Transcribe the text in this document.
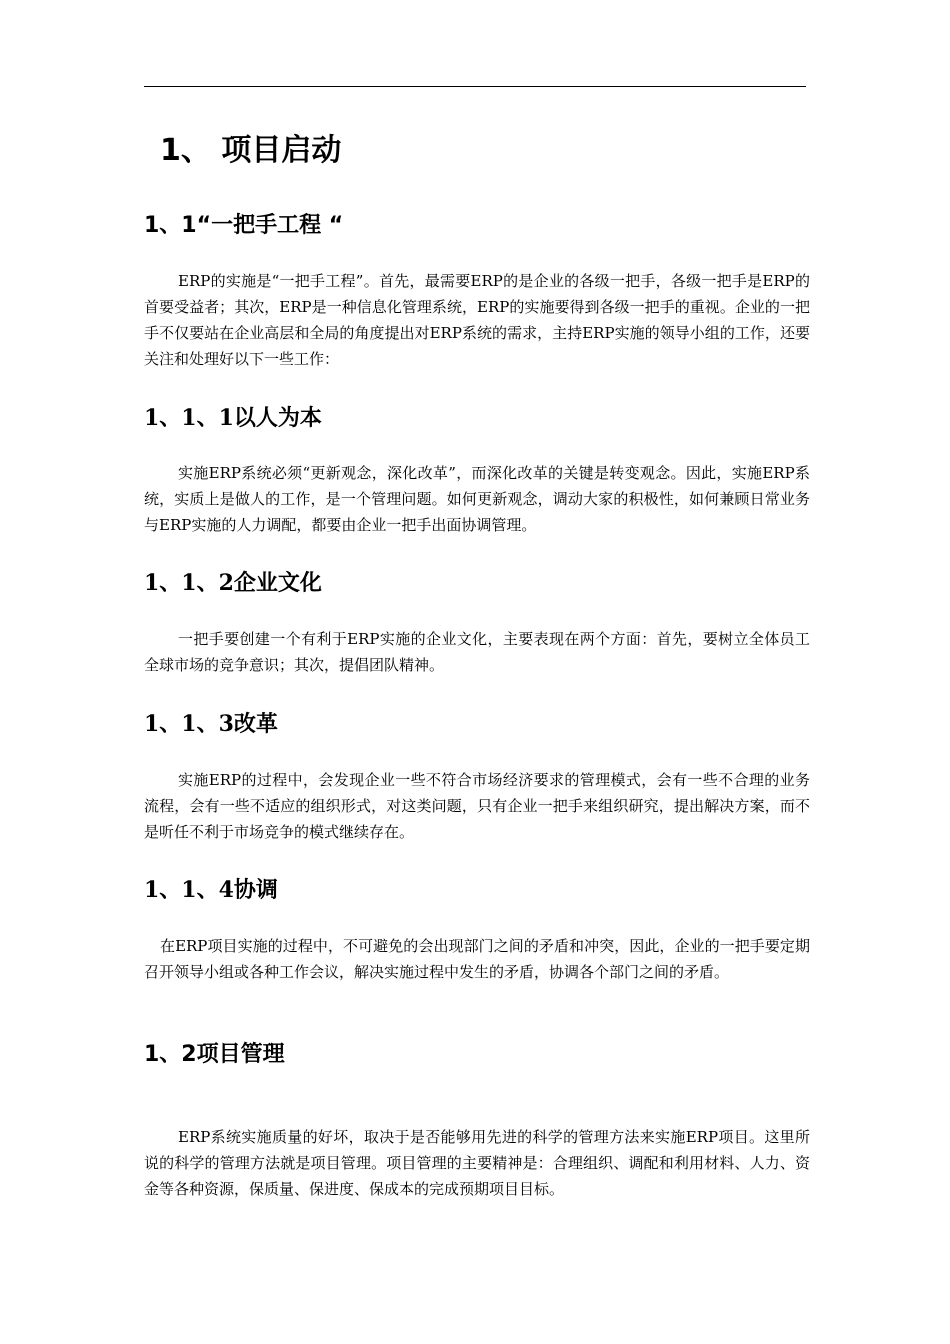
1、 项目启动
1、1“一把手工程 “

ERP的实施是“一把手工程”。首先，最需要ERP的是企业的各级一把手，各级一把手是ERP的首要受益者；其次，ERP是一种信息化管理系统，ERP的实施要得到各级一把手的重视。企业的一把手不仅要站在企业高层和全局的角度提出对ERP系统的需求，主持ERP实施的领导小组的工作，还要关注和处理好以下一些工作：

1、1、1以人为本

实施ERP系统必须“更新观念，深化改革”，而深化改革的关键是转变观念。因此，实施ERP系统，实质上是做人的工作，是一个管理问题。如何更新观念，调动大家的积极性，如何兼顾日常业务与ERP实施的人力调配，都要由企业一把手出面协调管理。

1、1、2企业文化

一把手要创建一个有利于ERP实施的企业文化，主要表现在两个方面：首先，要树立全体员工全球市场的竞争意识；其次，提倡团队精神。

1、1、3改革

实施ERP的过程中，会发现企业一些不符合市场经济要求的管理模式，会有一些不合理的业务流程，会有一些不适应的组织形式，对这类问题，只有企业一把手来组织研究，提出解决方案，而不是听任不利于市场竞争的模式继续存在。

1、1、4协调

在ERP项目实施的过程中，不可避免的会出现部门之间的矛盾和冲突，因此，企业的一把手要定期召开领导小组或各种工作会议，解决实施过程中发生的矛盾，协调各个部门之间的矛盾。

1、2项目管理

ERP系统实施质量的好坏，取决于是否能够用先进的科学的管理方法来实施ERP项目。这里所说的科学的管理方法就是项目管理。项目管理的主要精神是：合理组织、调配和利用材料、人力、资金等各种资源，保质量、保进度、保成本的完成预期项目目标。
